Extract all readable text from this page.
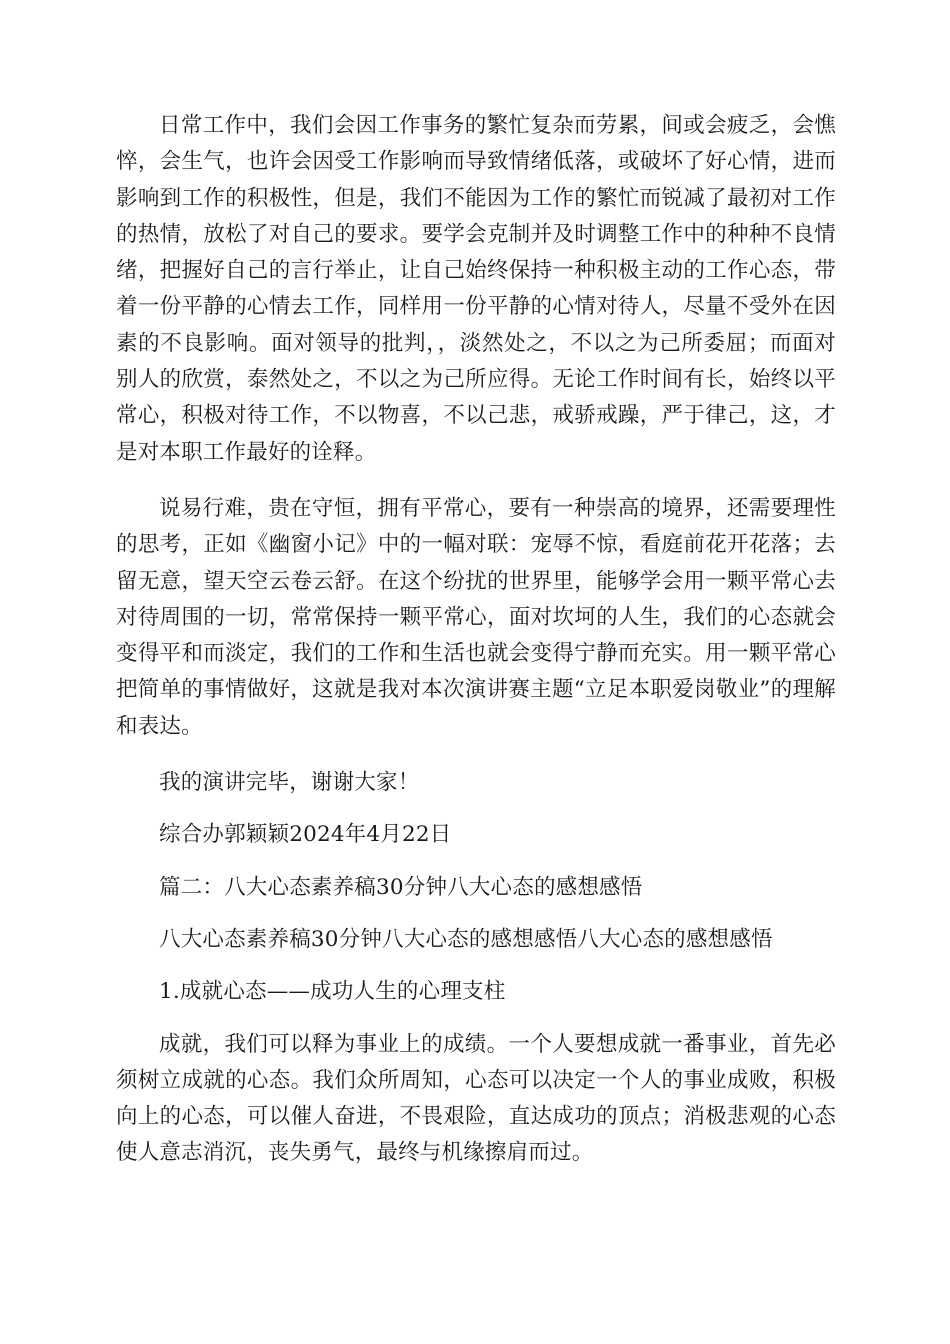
日常工作中，我们会因工作事务的繁忙复杂而劳累，间或会疲乏，会憔悴，会生气，也许会因受工作影响而导致情绪低落，或破坏了好心情，进而影响到工作的积极性，但是，我们不能因为工作的繁忙而锐减了最初对工作的热情，放松了对自己的要求。要学会克制并及时调整工作中的种种不良情绪，把握好自己的言行举止，让自己始终保持一种积极主动的工作心态，带着一份平静的心情去工作，同样用一份平静的心情对待人，尽量不受外在因素的不良影响。面对领导的批判，，淡然处之，不以之为己所委屈；而面对别人的欣赏，泰然处之，不以之为己所应得。无论工作时间有长，始终以平常心，积极对待工作，不以物喜，不以己悲，戒骄戒躁，严于律己，这，才是对本职工作最好的诠释。

说易行难，贵在守恒，拥有平常心，要有一种崇高的境界，还需要理性的思考，正如《幽窗小记》中的一幅对联：宠辱不惊，看庭前花开花落；去留无意，望天空云卷云舒。在这个纷扰的世界里，能够学会用一颗平常心去对待周围的一切，常常保持一颗平常心，面对坎坷的人生，我们的心态就会变得平和而淡定，我们的工作和生活也就会变得宁静而充实。用一颗平常心把简单的事情做好，这就是我对本次演讲赛主题“立足本职爱岗敬业”的理解和表达。

我的演讲完毕，谢谢大家！

综合办郭颖颖2024年4月22日

篇二：八大心态素养稿30分钟八大心态的感想感悟

八大心态素养稿30分钟八大心态的感想感悟八大心态的感想感悟

1.成就心态——成功人生的心理支柱

成就，我们可以释为事业上的成绩。一个人要想成就一番事业，首先必须树立成就的心态。我们众所周知，心态可以决定一个人的事业成败，积极向上的心态，可以催人奋进，不畏艰险，直达成功的顶点；消极悲观的心态使人意志消沉，丧失勇气，最终与机缘擦肩而过。
